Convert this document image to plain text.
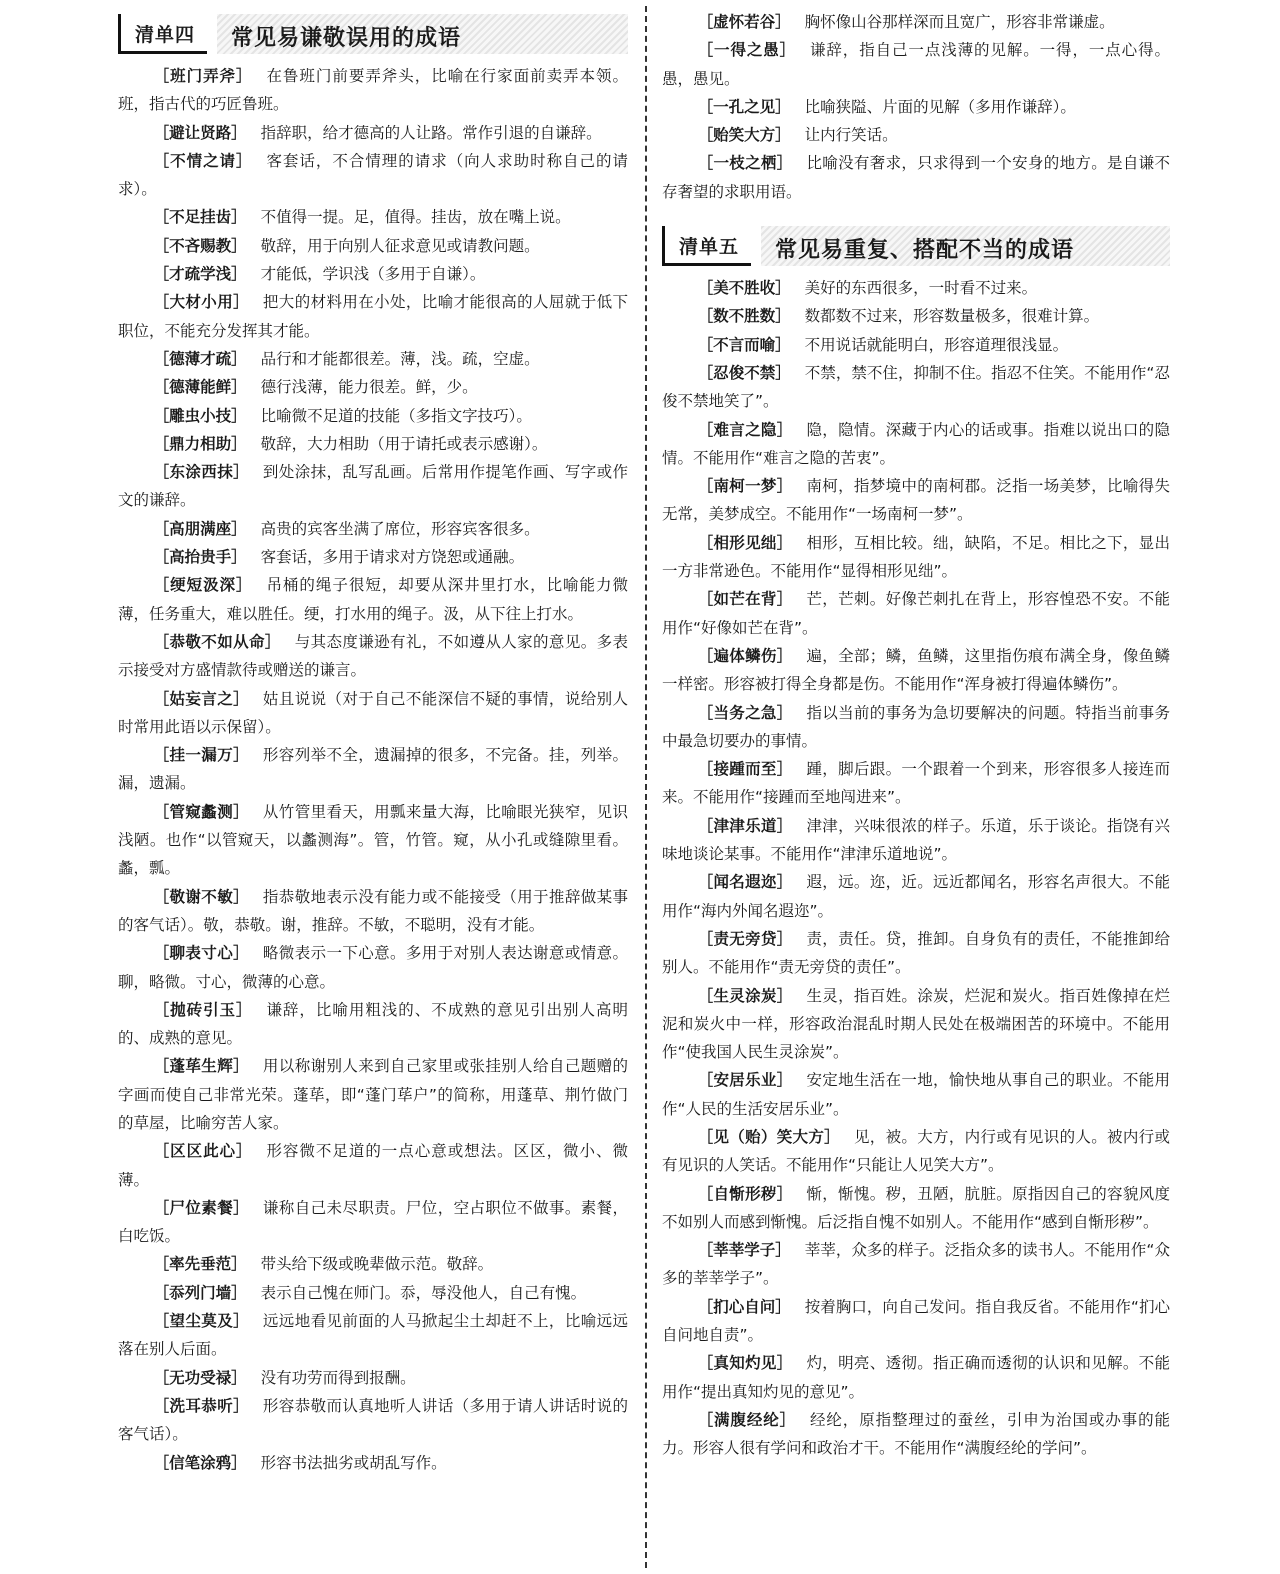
清单四	常见易谦敬误用的成语

［班门弄斧］ 在鲁班门前要弄斧头，比喻在行家面前卖弄本领。班，指古代的巧匠鲁班。

［避让贤路］ 指辞职，给才德高的人让路。常作引退的自谦辞。

［不情之请］ 客套话，不合情理的请求（向人求助时称自己的请求）。

［不足挂齿］ 不值得一提。足，值得。挂齿，放在嘴上说。

［不吝赐教］ 敬辞，用于向别人征求意见或请教问题。

［才疏学浅］ 才能低，学识浅（多用于自谦）。

［大材小用］ 把大的材料用在小处，比喻才能很高的人屈就于低下职位，不能充分发挥其才能。

［德薄才疏］ 品行和才能都很差。薄，浅。疏，空虚。

［德薄能鲜］ 德行浅薄，能力很差。鲜，少。

［雕虫小技］ 比喻微不足道的技能（多指文字技巧）。

［鼎力相助］ 敬辞，大力相助（用于请托或表示感谢）。

［东涂西抹］ 到处涂抹，乱写乱画。后常用作提笔作画、写字或作文的谦辞。

［高朋满座］ 高贵的宾客坐满了席位，形容宾客很多。

［高抬贵手］ 客套话，多用于请求对方饶恕或通融。

［绠短汲深］ 吊桶的绳子很短，却要从深井里打水，比喻能力微薄，任务重大，难以胜任。绠，打水用的绳子。汲，从下往上打水。

［恭敬不如从命］ 与其态度谦逊有礼，不如遵从人家的意见。多表示接受对方盛情款待或赠送的谦言。

［姑妄言之］ 姑且说说（对于自己不能深信不疑的事情，说给别人时常用此语以示保留）。

［挂一漏万］ 形容列举不全，遗漏掉的很多，不完备。挂，列举。漏，遗漏。

［管窥蠡测］ 从竹管里看天，用瓢来量大海，比喻眼光狭窄，见识浅陋。也作“以管窥天，以蠡测海”。管，竹管。窥，从小孔或缝隙里看。蠡，瓢。

［敬谢不敏］ 指恭敬地表示没有能力或不能接受（用于推辞做某事的客气话）。敬，恭敬。谢，推辞。不敏，不聪明，没有才能。

［聊表寸心］ 略微表示一下心意。多用于对别人表达谢意或情意。聊，略微。寸心，微薄的心意。

［抛砖引玉］ 谦辞，比喻用粗浅的、不成熟的意见引出别人高明的、成熟的意见。

［蓬荜生辉］ 用以称谢别人来到自己家里或张挂别人给自己题赠的字画而使自己非常光荣。蓬荜，即“蓬门荜户”的简称，用蓬草、荆竹做门的草屋，比喻穷苦人家。

［区区此心］ 形容微不足道的一点心意或想法。区区，微小、微薄。

［尸位素餐］ 谦称自己未尽职责。尸位，空占职位不做事。素餐，白吃饭。

［率先垂范］ 带头给下级或晚辈做示范。敬辞。

［忝列门墙］ 表示自己愧在师门。忝，辱没他人，自己有愧。

［望尘莫及］ 远远地看见前面的人马掀起尘土却赶不上，比喻远远落在别人后面。

［无功受禄］ 没有功劳而得到报酬。

［洗耳恭听］ 形容恭敬而认真地听人讲话（多用于请人讲话时说的客气话）。

［信笔涂鸦］ 形容书法拙劣或胡乱写作。

［虚怀若谷］ 胸怀像山谷那样深而且宽广，形容非常谦虚。

［一得之愚］ 谦辞，指自己一点浅薄的见解。一得，一点心得。愚，愚见。

［一孔之见］ 比喻狭隘、片面的见解（多用作谦辞）。

［贻笑大方］ 让内行笑话。

［一枝之栖］ 比喻没有奢求，只求得到一个安身的地方。是自谦不存奢望的求职用语。

清单五	常见易重复、搭配不当的成语

［美不胜收］ 美好的东西很多，一时看不过来。

［数不胜数］ 数都数不过来，形容数量极多，很难计算。

［不言而喻］ 不用说话就能明白，形容道理很浅显。

［忍俊不禁］ 不禁，禁不住，抑制不住。指忍不住笑。不能用作“忍俊不禁地笑了”。

［难言之隐］ 隐，隐情。深藏于内心的话或事。指难以说出口的隐情。不能用作“难言之隐的苦衷”。

［南柯一梦］ 南柯，指梦境中的南柯郡。泛指一场美梦，比喻得失无常，美梦成空。不能用作“一场南柯一梦”。

［相形见绌］ 相形，互相比较。绌，缺陷，不足。相比之下，显出一方非常逊色。不能用作“显得相形见绌”。

［如芒在背］ 芒，芒刺。好像芒刺扎在背上，形容惶恐不安。不能用作“好像如芒在背”。

［遍体鳞伤］ 遍，全部；鳞，鱼鳞，这里指伤痕布满全身，像鱼鳞一样密。形容被打得全身都是伤。不能用作“浑身被打得遍体鳞伤”。

［当务之急］ 指以当前的事务为急切要解决的问题。特指当前事务中最急切要办的事情。

［接踵而至］ 踵，脚后跟。一个跟着一个到来，形容很多人接连而来。不能用作“接踵而至地闯进来”。

［津津乐道］ 津津，兴味很浓的样子。乐道，乐于谈论。指饶有兴味地谈论某事。不能用作“津津乐道地说”。

［闻名遐迩］ 遐，远。迩，近。远近都闻名，形容名声很大。不能用作“海内外闻名遐迩”。

［责无旁贷］ 责，责任。贷，推卸。自身负有的责任，不能推卸给别人。不能用作“责无旁贷的责任”。

［生灵涂炭］ 生灵，指百姓。涂炭，烂泥和炭火。指百姓像掉在烂泥和炭火中一样，形容政治混乱时期人民处在极端困苦的环境中。不能用作“使我国人民生灵涂炭”。

［安居乐业］ 安定地生活在一地，愉快地从事自己的职业。不能用作“人民的生活安居乐业”。

［见（贻）笑大方］ 见，被。大方，内行或有见识的人。被内行或有见识的人笑话。不能用作“只能让人见笑大方”。

［自惭形秽］ 惭，惭愧。秽，丑陋，肮脏。原指因自己的容貌风度不如别人而感到惭愧。后泛指自愧不如别人。不能用作“感到自惭形秽”。

［莘莘学子］ 莘莘，众多的样子。泛指众多的读书人。不能用作“众多的莘莘学子”。

［扪心自问］ 按着胸口，向自己发问。指自我反省。不能用作“扪心自问地自责”。

［真知灼见］ 灼，明亮、透彻。指正确而透彻的认识和见解。不能用作“提出真知灼见的意见”。

［满腹经纶］ 经纶，原指整理过的蚕丝，引申为治国或办事的能力。形容人很有学问和政治才干。不能用作“满腹经纶的学问”。
